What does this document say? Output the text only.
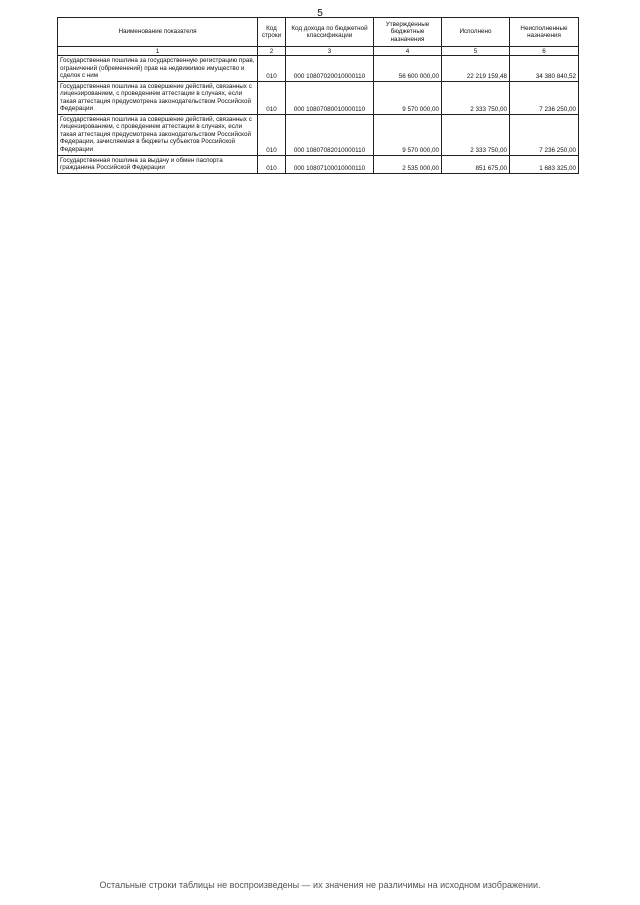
5
Наименование показателя	Код строки	Код дохода по бюджетной классификации	Утвержденные бюджетные назначения	Исполнено	Неисполненные назначения
1	2	3	4	5	6
Государственная пошлина за государственную регистрацию прав, ограничений (обременений) прав на недвижимое имущество и сделок с ним	010	000 10807020010000110	56 600 000,00	22 219 159,48	34 380 840,52
Государственная пошлина за совершение действий, связанных с лицензированием, с проведением аттестации в случаях, если такая аттестация предусмотрена законодательством Российской Федерации	010	000 10807080010000110	9 570 000,00	2 333 750,00	7 236 250,00
Государственная пошлина за совершение действий, связанных с лицензированием, с проведением аттестации в случаях, если такая аттестация предусмотрена законодательством Российской Федерации, зачисляемая в бюджеты субъектов Российской Федерации	010	000 10807082010000110	9 570 000,00	2 333 750,00	7 236 250,00
Государственная пошлина за выдачу и обмен паспорта гражданина Российской Федерации	010	000 10807100010000110	2 535 000,00	851 675,00	1 683 325,00
Остальные строки таблицы не воспроизведены — их значения не различимы на исходном изображении.
